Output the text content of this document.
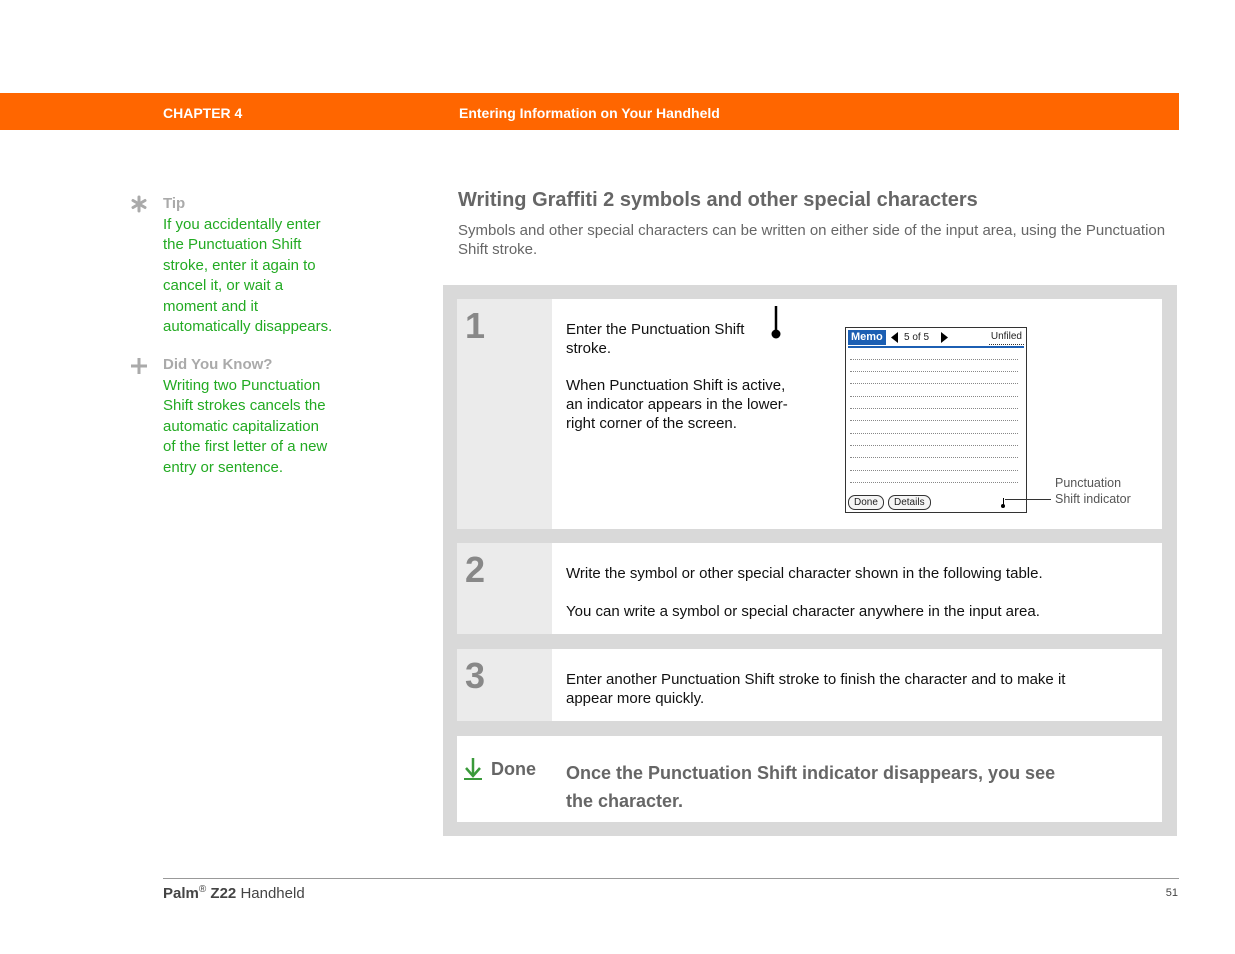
CHAPTER 4	Entering Information on Your Handheld
Tip
If you accidentally enter
the Punctuation Shift
stroke, enter it again to
cancel it, or wait a
moment and it
automatically disappears.
Did You Know?
Writing two Punctuation
Shift strokes cancels the
automatic capitalization
of the first letter of a new
entry or sentence.
Writing Graffiti 2 symbols and other special characters
Symbols and other special characters can be written on either side of the input area, using the Punctuation Shift stroke.
1	Enter the Punctuation Shift
stroke.
When Punctuation Shift is active,
an indicator appears in the lower-
right corner of the screen.
Memo	5 of 5	Unfiled
Done	Details
Punctuation
Shift indicator
2	Write the symbol or other special character shown in the following table.
You can write a symbol or special character anywhere in the input area.
3	Enter another Punctuation Shift stroke to finish the character and to make it
appear more quickly.
Done Once the Punctuation Shift indicator disappears, you see
the character.
Palm® Z22 Handheld	51
